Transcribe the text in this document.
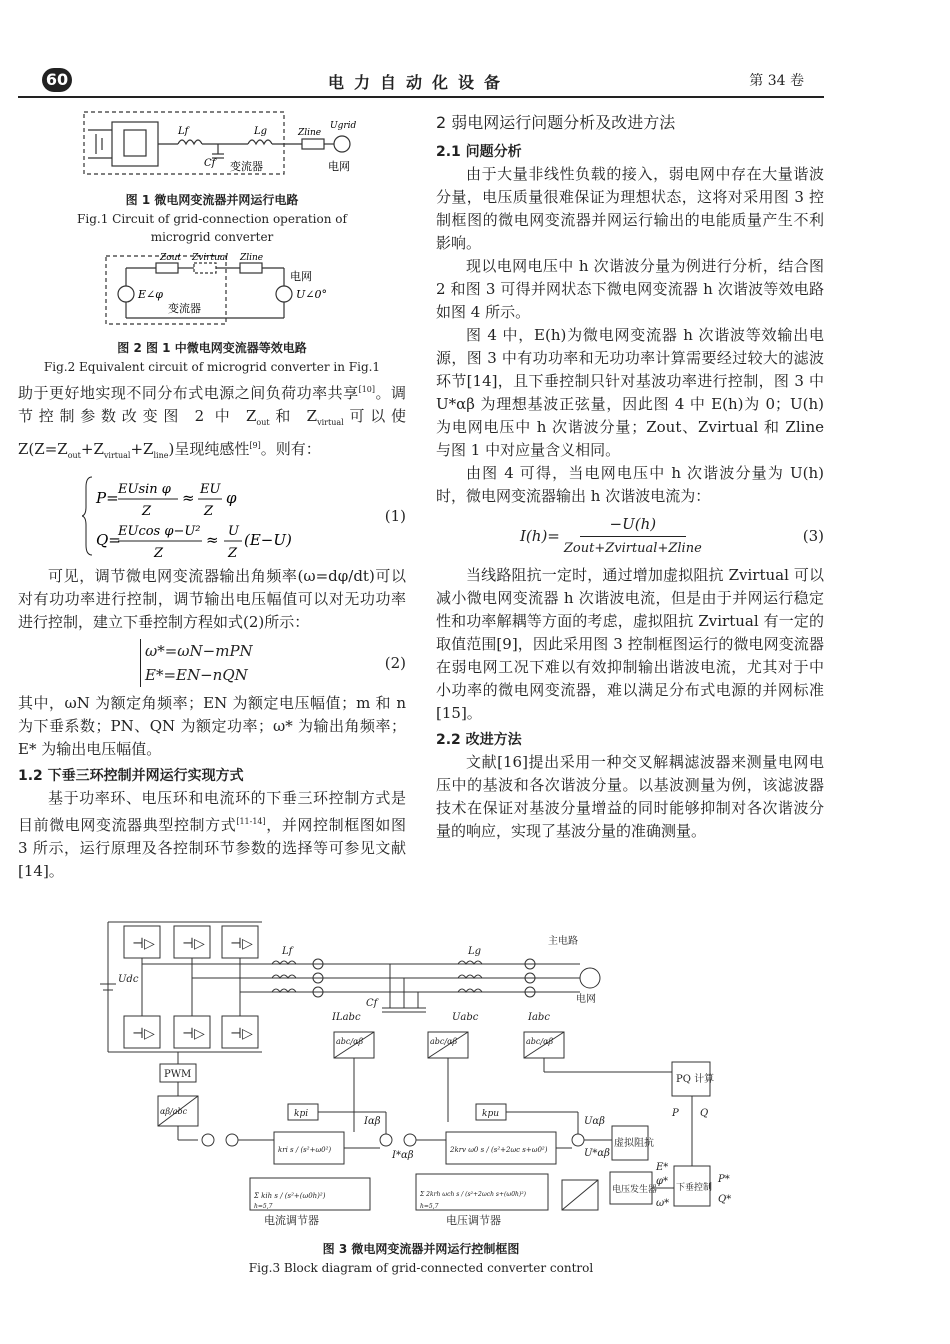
60	电力自动化设备	第 34 卷
Lf
Cf
Lg	Zline
Ugrid
变流器	电网

图 1 微电网变流器并网运行电路

Fig.1 Circuit of grid-connection operation of

microgrid converter

Zout Zvirtual Zline
E∠φ	U∠0°
变流器
电网

图 2 图 1 中微电网变流器等效电路

Fig.2 Equivalent circuit of microgrid converter in Fig.1

助于更好地实现不同分布式电源之间负荷功率共享[10]。调节控制参数改变图 2 中 $Z_{out}$和 $Z_{virtual}$可以使 $Z(Z=Z_{out}+Z_{virtual}+Z_{line})$呈现纯感性[9]。则有：

P= EUsin φ
Z
≈ EU
Z
φ
Q=
EUcos φ−U²
Z
≈ U
Z
(E−U)
(1)

可见，调节微电网变流器输出角频率(ω=dφ/dt)可以对有功功率进行控制，调节输出电压幅值可以对无功功率进行控制，建立下垂控制方程如式(2)所示：

ω*=ωN−mPN
E*=EN−nQN
(2)

其中，ωN 为额定角频率；EN 为额定电压幅值；m 和 n 为下垂系数；PN、QN 为额定功率；ω* 为输出角频率；E* 为输出电压幅值。

1.2 下垂三环控制并网运行实现方式

基于功率环、电压环和电流环的下垂三环控制方式是目前微电网变流器典型控制方式[11-14]，并网控制框图如图 3 所示，运行原理及各控制环节参数的选择等可参见文献[14]。

2 弱电网运行问题分析及改进方法
2.1 问题分析

由于大量非线性负载的接入，弱电网中存在大量谐波分量，电压质量很难保证为理想状态，这将对采用图 3 控制框图的微电网变流器并网运行输出的电能质量产生不利影响。

现以电网电压中 h 次谐波分量为例进行分析，结合图 2 和图 3 可得并网状态下微电网变流器 h 次谐波等效电路如图 4 所示。

图 4 中，E(h)为微电网变流器 h 次谐波等效输出电源，图 3 中有功功率和无功功率计算需要经过较大的滤波环节[14]，且下垂控制只针对基波功率进行控制，图 3 中 U*αβ 为理想基波正弦量，因此图 4 中 E(h)为 0；U(h)为电网电压中 h 次谐波分量；Zout、Zvirtual 和 Zline 与图 1 中对应量含义相同。

由图 4 可得，当电网电压中 h 次谐波分量为 U(h)时，微电网变流器输出 h 次谐波电流为：

I(h)=
−U(h)
Zout+Zvirtual+Zline
(3)

当线路阻抗一定时，通过增加虚拟阻抗 Zvirtual 可以减小微电网变流器 h 次谐波电流，但是由于并网运行稳定性和功率解耦等方面的考虑，虚拟阻抗 Zvirtual 有一定的取值范围[9]，因此采用图 3 控制框图运行的微电网变流器在弱电网工况下难以有效抑制输出谐波电流，尤其对于中小功率的微电网变流器，难以满足分布式电源的并网标准[15]。

2.2 改进方法

文献[16]提出采用一种交叉解耦滤波器来测量电网电压中的基波和各次谐波分量。以基波测量为例，该滤波器技术在保证对基波分量增益的同时能够抑制对各次谐波分量的响应，实现了基波分量的准确测量。

⊣▷ ⊣▷ ⊣▷
⊣▷ ⊣▷ ⊣▷
Udc
Lf	Lg
Cf
主电路
电网
ILabc	Uabc	Iabc
abc/αβ	abc/αβ	abc/αβ
PWM
αβ/abc
PQ 计算
kpi	kpu
kri s / (s²+ω0²)	2krv ω0 s / (s²+2ωc s+ω0²)
Σ kih s / (s²+(ω0h)²)	Σ 2krh ωch s / (s²+2ωch s+(ω0h)²)
h=5,7	h=5,7
虚拟阻抗
电压发生器 下垂控制
P Q
P*
Q*
E*
φ*
ω*
Iαβ
I*αβ
Uαβ
U*αβ
电流调节器	电压调节器

图 3 微电网变流器并网运行控制框图

Fig.3 Block diagram of grid-connected converter control
